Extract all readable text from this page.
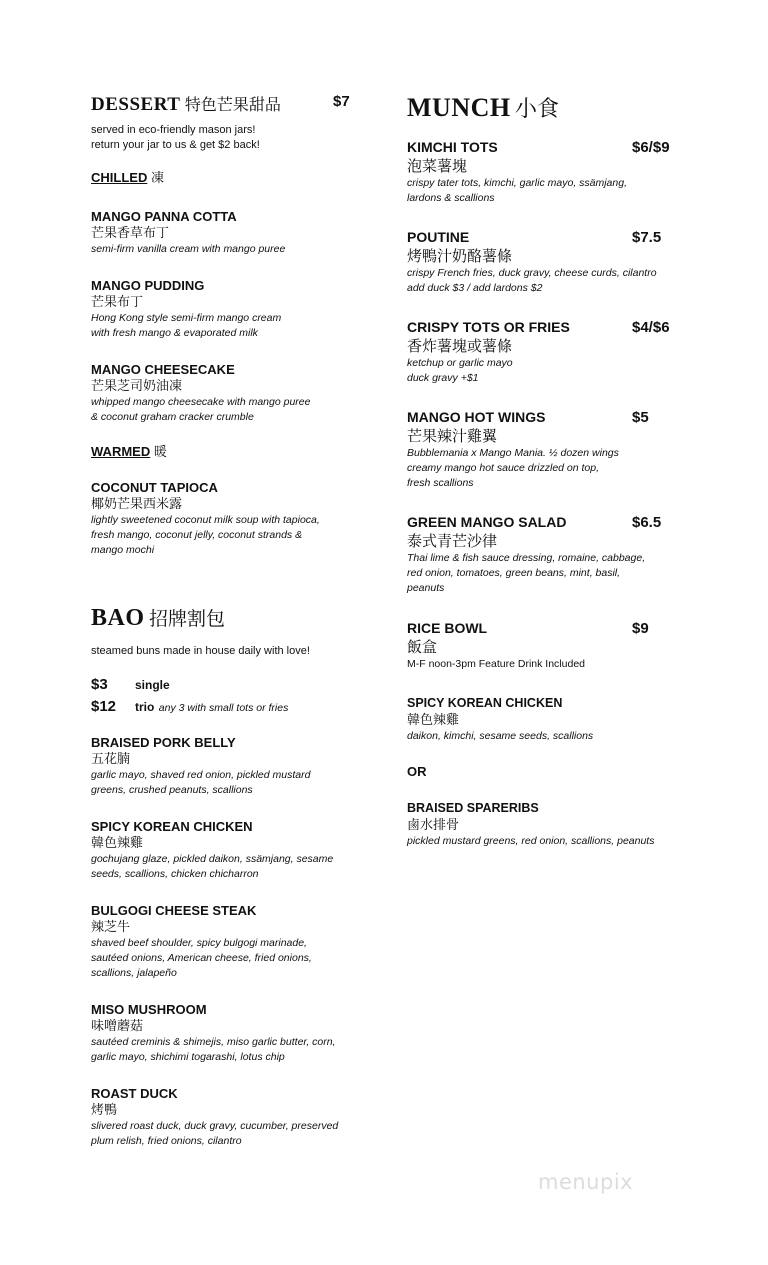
DESSERT 特色芒果甜品	$7
served in eco-friendly mason jars!
return your jar to us & get $2 back!
CHILLED 凍
MANGO PANNA COTTA
芒果香草布丁
semi-firm vanilla cream with mango puree
MANGO PUDDING
芒果布丁
Hong Kong style semi-firm mango cream
with fresh mango & evaporated milk
MANGO CHEESECAKE
芒果芝司奶油凍
whipped mango cheesecake with mango puree
& coconut graham cracker crumble
WARMED 暖
COCONUT TAPIOCA
椰奶芒果西米露
lightly sweetened coconut milk soup with tapioca,
fresh mango, coconut jelly, coconut strands &
mango mochi
BAO 招牌割包
steamed buns made in house daily with love!
$3 single
$12 trio any 3 with small tots or fries
BRAISED PORK BELLY
五花腩
garlic mayo, shaved red onion, pickled mustard
greens, crushed peanuts, scallions
SPICY KOREAN CHICKEN
韓色辣雞
gochujang glaze, pickled daikon, ssämjang, sesame
seeds, scallions, chicken chicharron
BULGOGI CHEESE STEAK
辣芝牛
shaved beef shoulder, spicy bulgogi marinade,
sautéed onions, American cheese, fried onions,
scallions, jalapeño
MISO MUSHROOM
味噌蘑菇
sautéed creminis & shimejis, miso garlic butter, corn,
garlic mayo, shichimi togarashi, lotus chip
ROAST DUCK
烤鴨
slivered roast duck, duck gravy, cucumber, preserved
plum relish, fried onions, cilantro
MUNCH 小食
KIMCHI TOTS	$6/$9
泡菜薯塊
crispy tater tots, kimchi, garlic mayo, ssämjang,
lardons & scallions
POUTINE	$7.5
烤鴨汁奶酪薯條
crispy French fries, duck gravy, cheese curds, cilantro
add duck $3 / add lardons $2
CRISPY TOTS OR FRIES	$4/$6
香炸薯塊或薯條
ketchup or garlic mayo
duck gravy +$1
MANGO HOT WINGS	$5
芒果辣汁雞翼
Bubblemania x Mango Mania. ½ dozen wings
creamy mango hot sauce drizzled on top,
fresh scallions
GREEN MANGO SALAD	$6.5
泰式青芒沙律
Thai lime & fish sauce dressing, romaine, cabbage,
red onion, tomatoes, green beans, mint, basil,
peanuts
RICE BOWL	$9
飯盒
M-F noon-3pm Feature Drink Included
SPICY KOREAN CHICKEN
韓色辣雞
daikon, kimchi, sesame seeds, scallions
OR
BRAISED SPARERIBS
鹵水排骨
pickled mustard greens, red onion, scallions, peanuts
menupix
